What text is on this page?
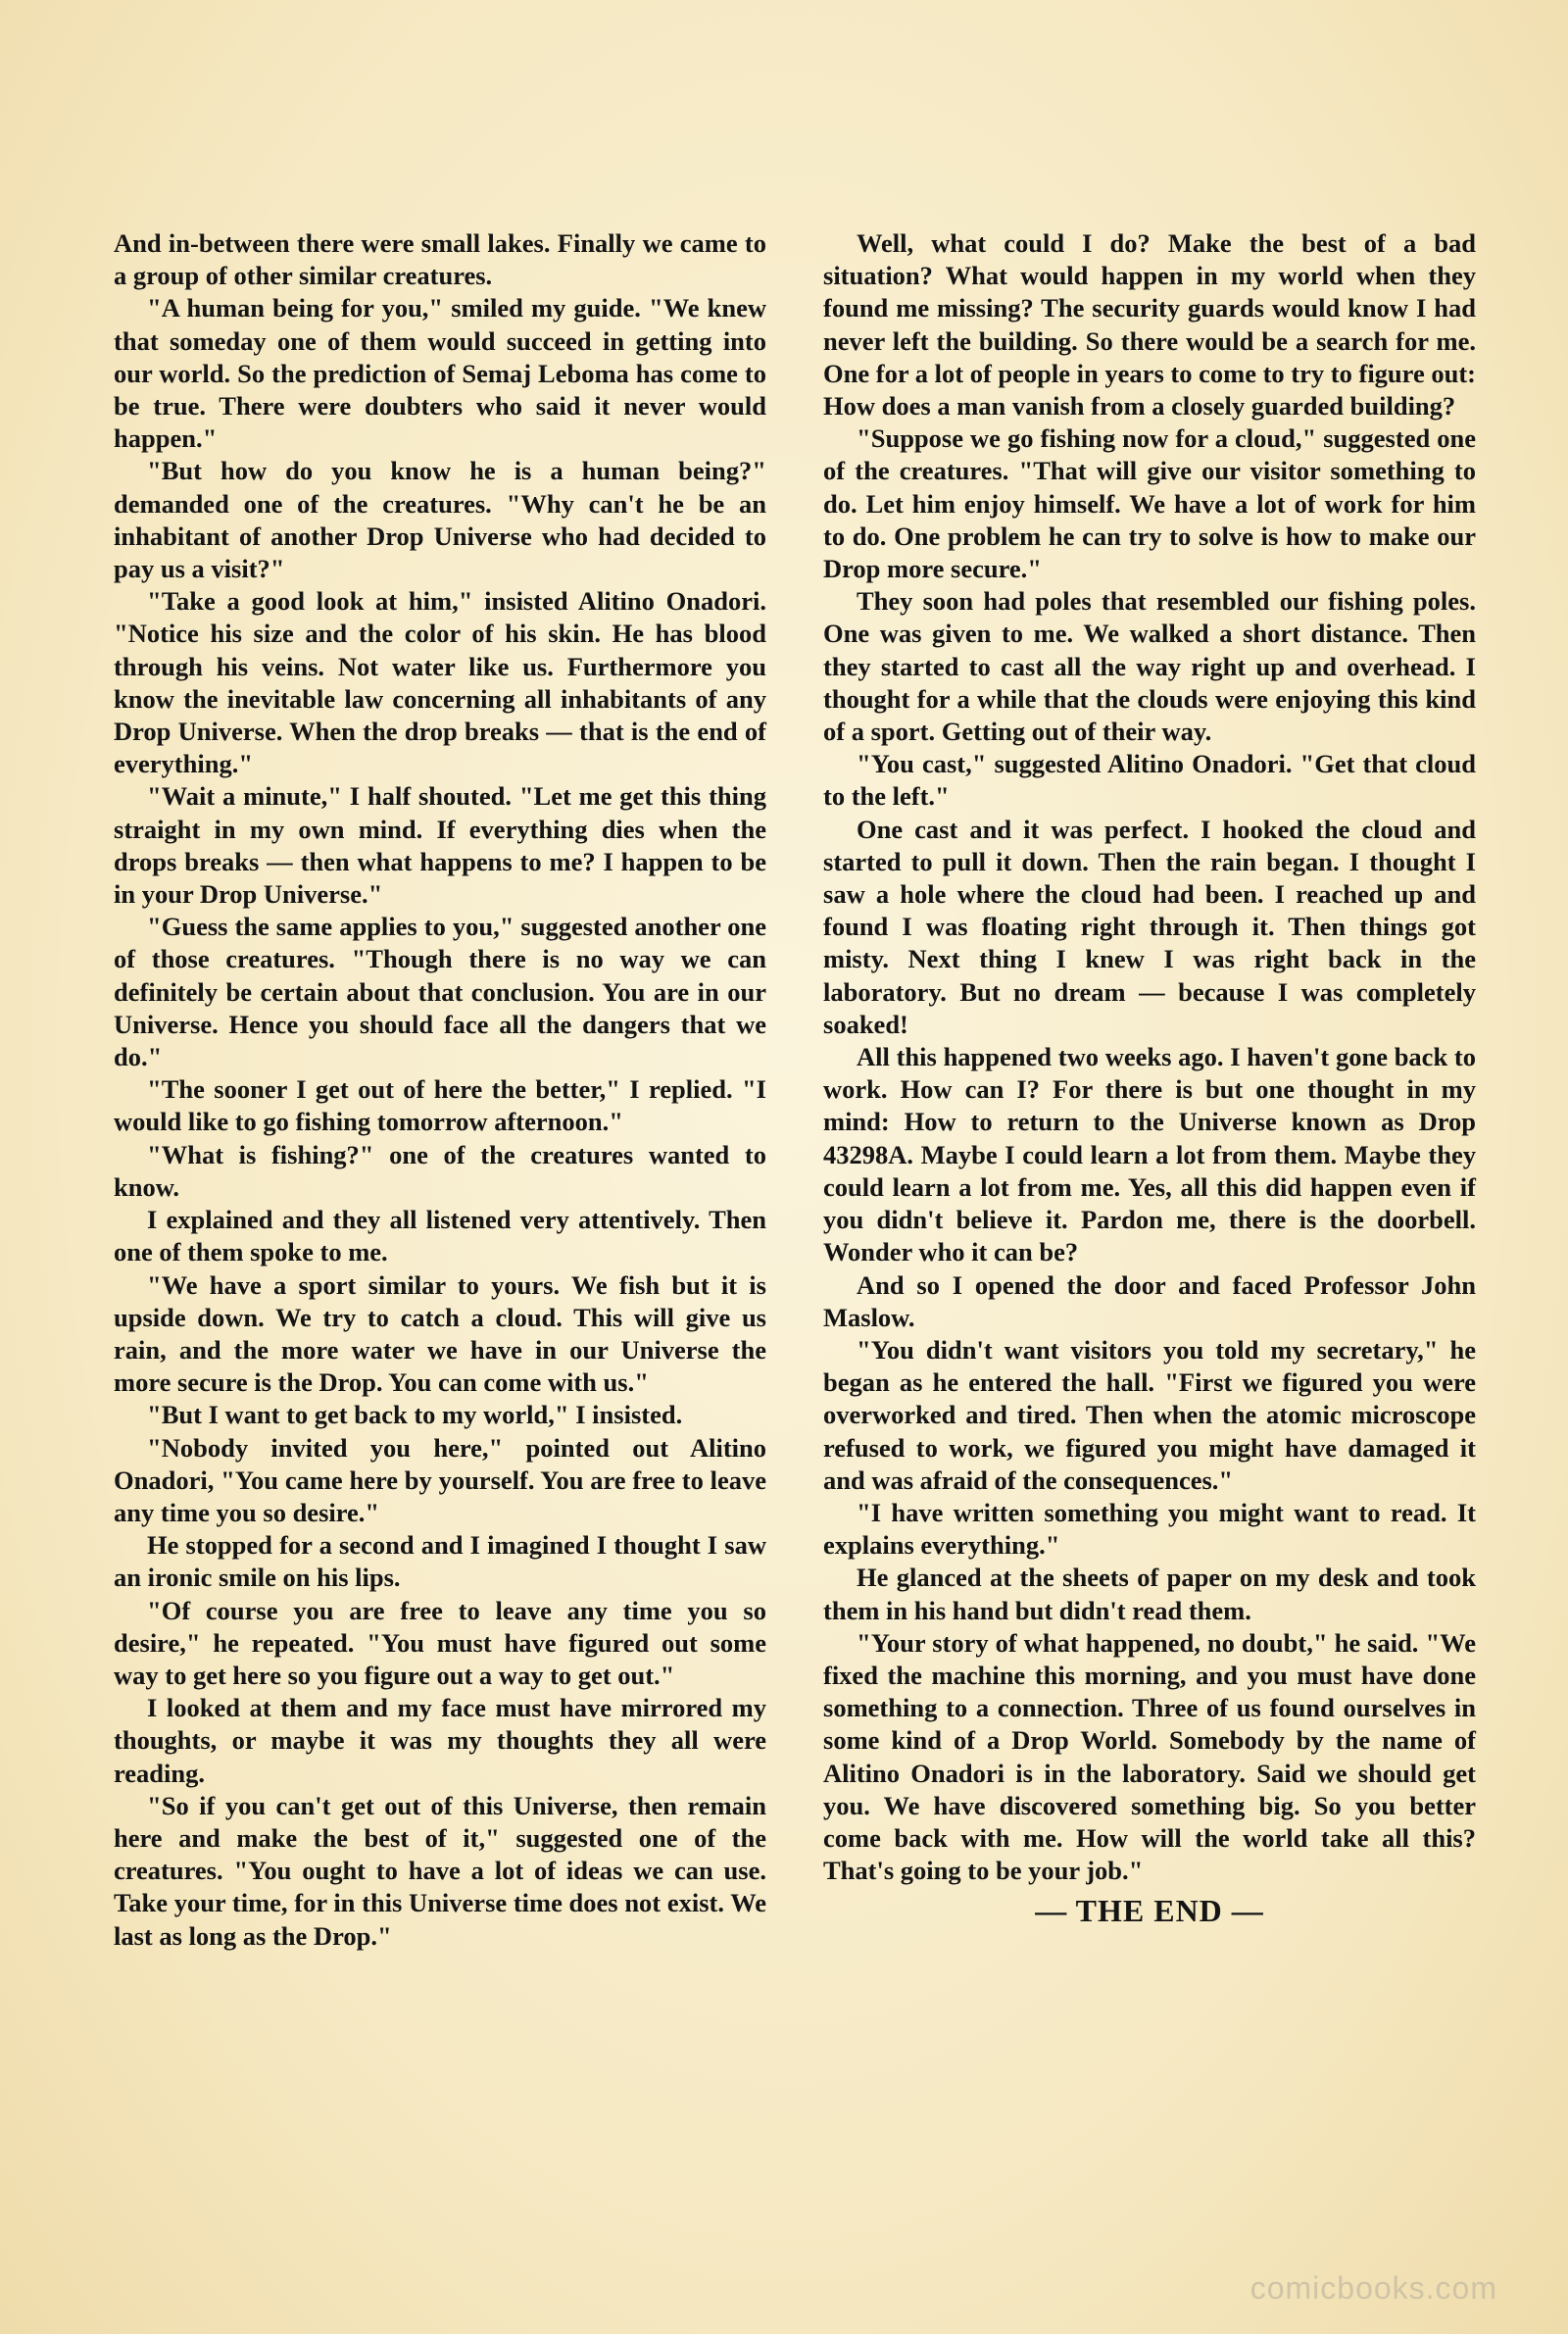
And in-between there were small lakes. Finally we came to a group of other similar creatures.

"A human being for you," smiled my guide. "We knew that someday one of them would succeed in getting into our world. So the prediction of Semaj Leboma has come to be true. There were doubters who said it never would happen."

"But how do you know he is a human being?" demanded one of the creatures. "Why can't he be an inhabitant of another Drop Universe who had decided to pay us a visit?"

"Take a good look at him," insisted Alitino Onadori. "Notice his size and the color of his skin. He has blood through his veins. Not water like us. Furthermore you know the inevitable law concerning all inhabitants of any Drop Universe. When the drop breaks — that is the end of everything."

"Wait a minute," I half shouted. "Let me get this thing straight in my own mind. If everything dies when the drops breaks — then what happens to me? I happen to be in your Drop Universe."

"Guess the same applies to you," suggested another one of those creatures. "Though there is no way we can definitely be certain about that conclusion. You are in our Universe. Hence you should face all the dangers that we do."

"The sooner I get out of here the better," I replied. "I would like to go fishing tomorrow afternoon."

"What is fishing?" one of the creatures wanted to know.

I explained and they all listened very attentively. Then one of them spoke to me.

"We have a sport similar to yours. We fish but it is upside down. We try to catch a cloud. This will give us rain, and the more water we have in our Universe the more secure is the Drop. You can come with us."

"But I want to get back to my world," I insisted.

"Nobody invited you here," pointed out Alitino Onadori, "You came here by yourself. You are free to leave any time you so desire."

He stopped for a second and I imagined I thought I saw an ironic smile on his lips.

"Of course you are free to leave any time you so desire," he repeated. "You must have figured out some way to get here so you figure out a way to get out."

I looked at them and my face must have mirrored my thoughts, or maybe it was my thoughts they all were reading.

"So if you can't get out of this Universe, then remain here and make the best of it," suggested one of the creatures. "You ought to have a lot of ideas we can use. Take your time, for in this Universe time does not exist. We last as long as the Drop."

Well, what could I do? Make the best of a bad situation? What would happen in my world when they found me missing? The security guards would know I had never left the building. So there would be a search for me. One for a lot of people in years to come to try to figure out: How does a man vanish from a closely guarded building?

"Suppose we go fishing now for a cloud," suggested one of the creatures. "That will give our visitor something to do. Let him enjoy himself. We have a lot of work for him to do. One problem he can try to solve is how to make our Drop more secure."

They soon had poles that resembled our fishing poles. One was given to me. We walked a short distance. Then they started to cast all the way right up and overhead. I thought for a while that the clouds were enjoying this kind of a sport. Getting out of their way.

"You cast," suggested Alitino Onadori. "Get that cloud to the left."

One cast and it was perfect. I hooked the cloud and started to pull it down. Then the rain began. I thought I saw a hole where the cloud had been. I reached up and found I was floating right through it. Then things got misty. Next thing I knew I was right back in the laboratory. But no dream — because I was completely soaked!

All this happened two weeks ago. I haven't gone back to work. How can I? For there is but one thought in my mind: How to return to the Universe known as Drop 43298A. Maybe I could learn a lot from them. Maybe they could learn a lot from me. Yes, all this did happen even if you didn't believe it. Pardon me, there is the doorbell. Wonder who it can be?

And so I opened the door and faced Professor John Maslow.

"You didn't want visitors you told my secretary," he began as he entered the hall. "First we figured you were overworked and tired. Then when the atomic microscope refused to work, we figured you might have damaged it and was afraid of the consequences."

"I have written something you might want to read. It explains everything."

He glanced at the sheets of paper on my desk and took them in his hand but didn't read them.

"Your story of what happened, no doubt," he said. "We fixed the machine this morning, and you must have done something to a connection. Three of us found ourselves in some kind of a Drop World. Somebody by the name of Alitino Onadori is in the laboratory. Said we should get you. We have discovered something big. So you better come back with me. How will the world take all this? That's going to be your job."

— THE END —
comicbooks.com
